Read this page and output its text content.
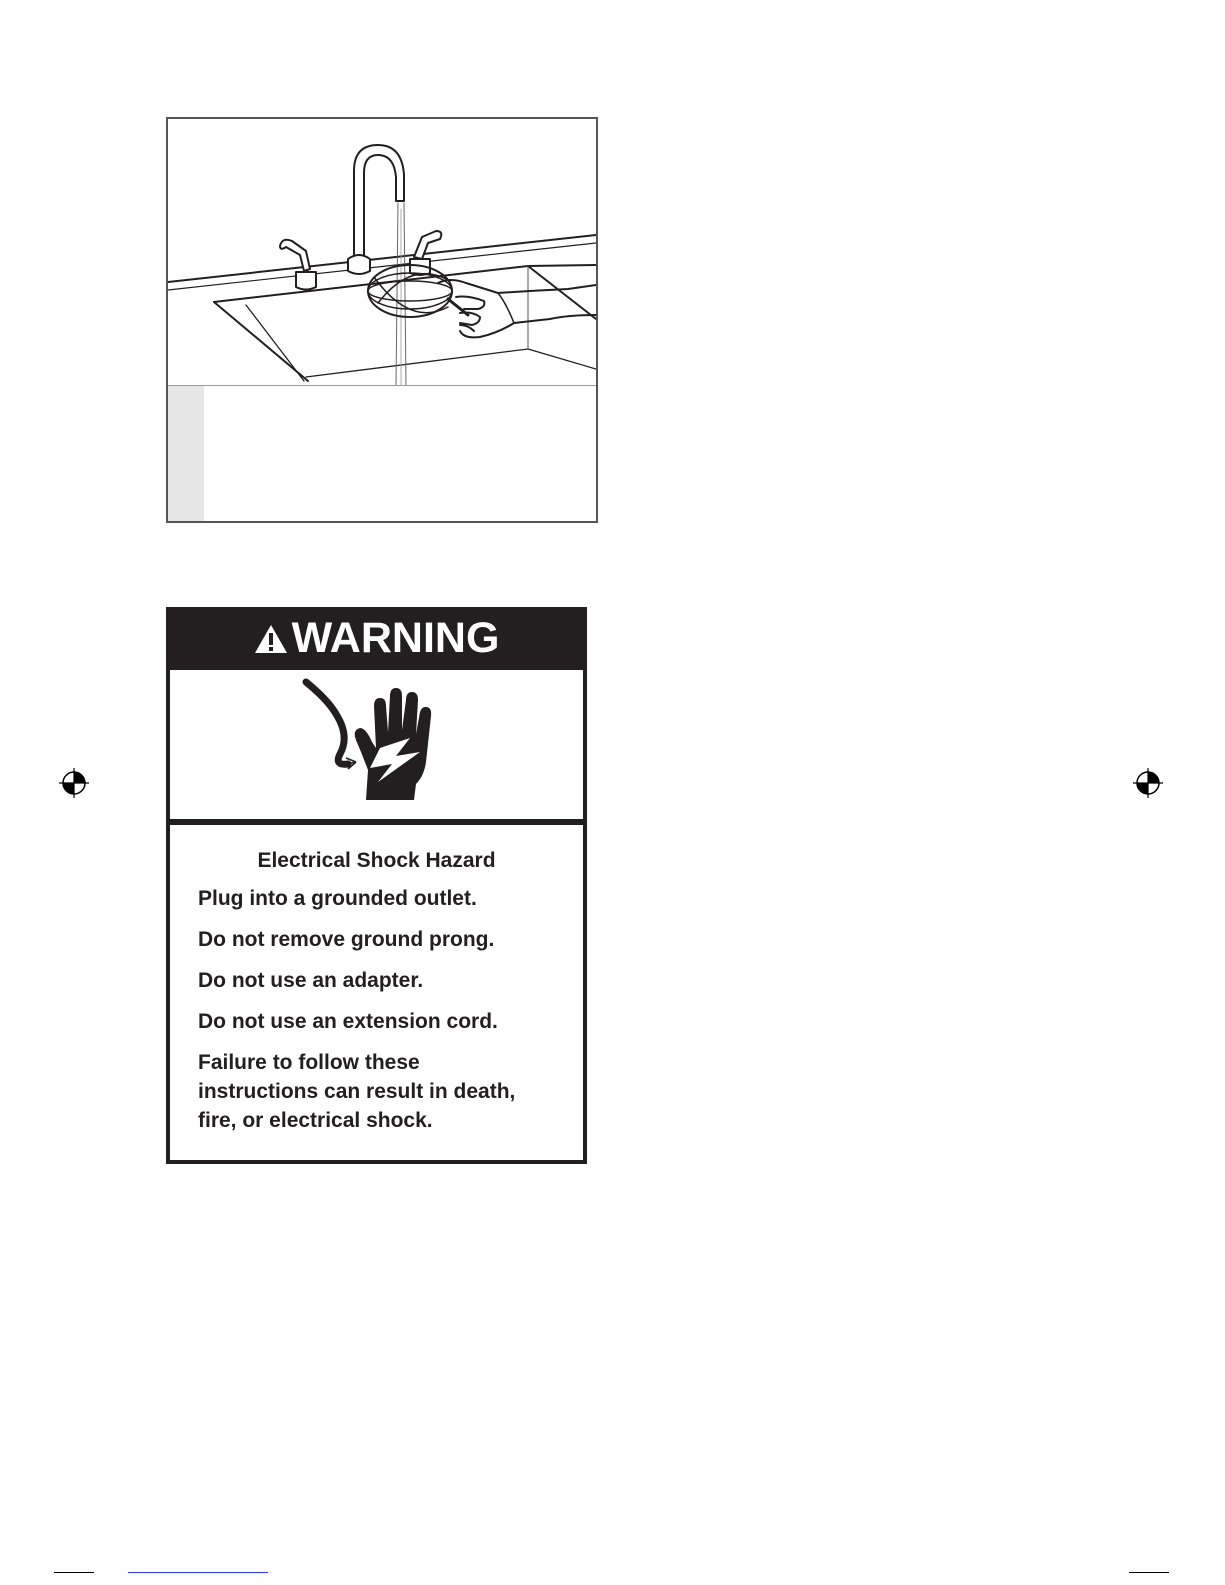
WARNING
Electrical Shock Hazard

Plug into a grounded outlet.

Do not remove ground prong.

Do not use an adapter.

Do not use an extension cord.

Failure to follow these

instructions can result in death,

fire, or electrical shock.
